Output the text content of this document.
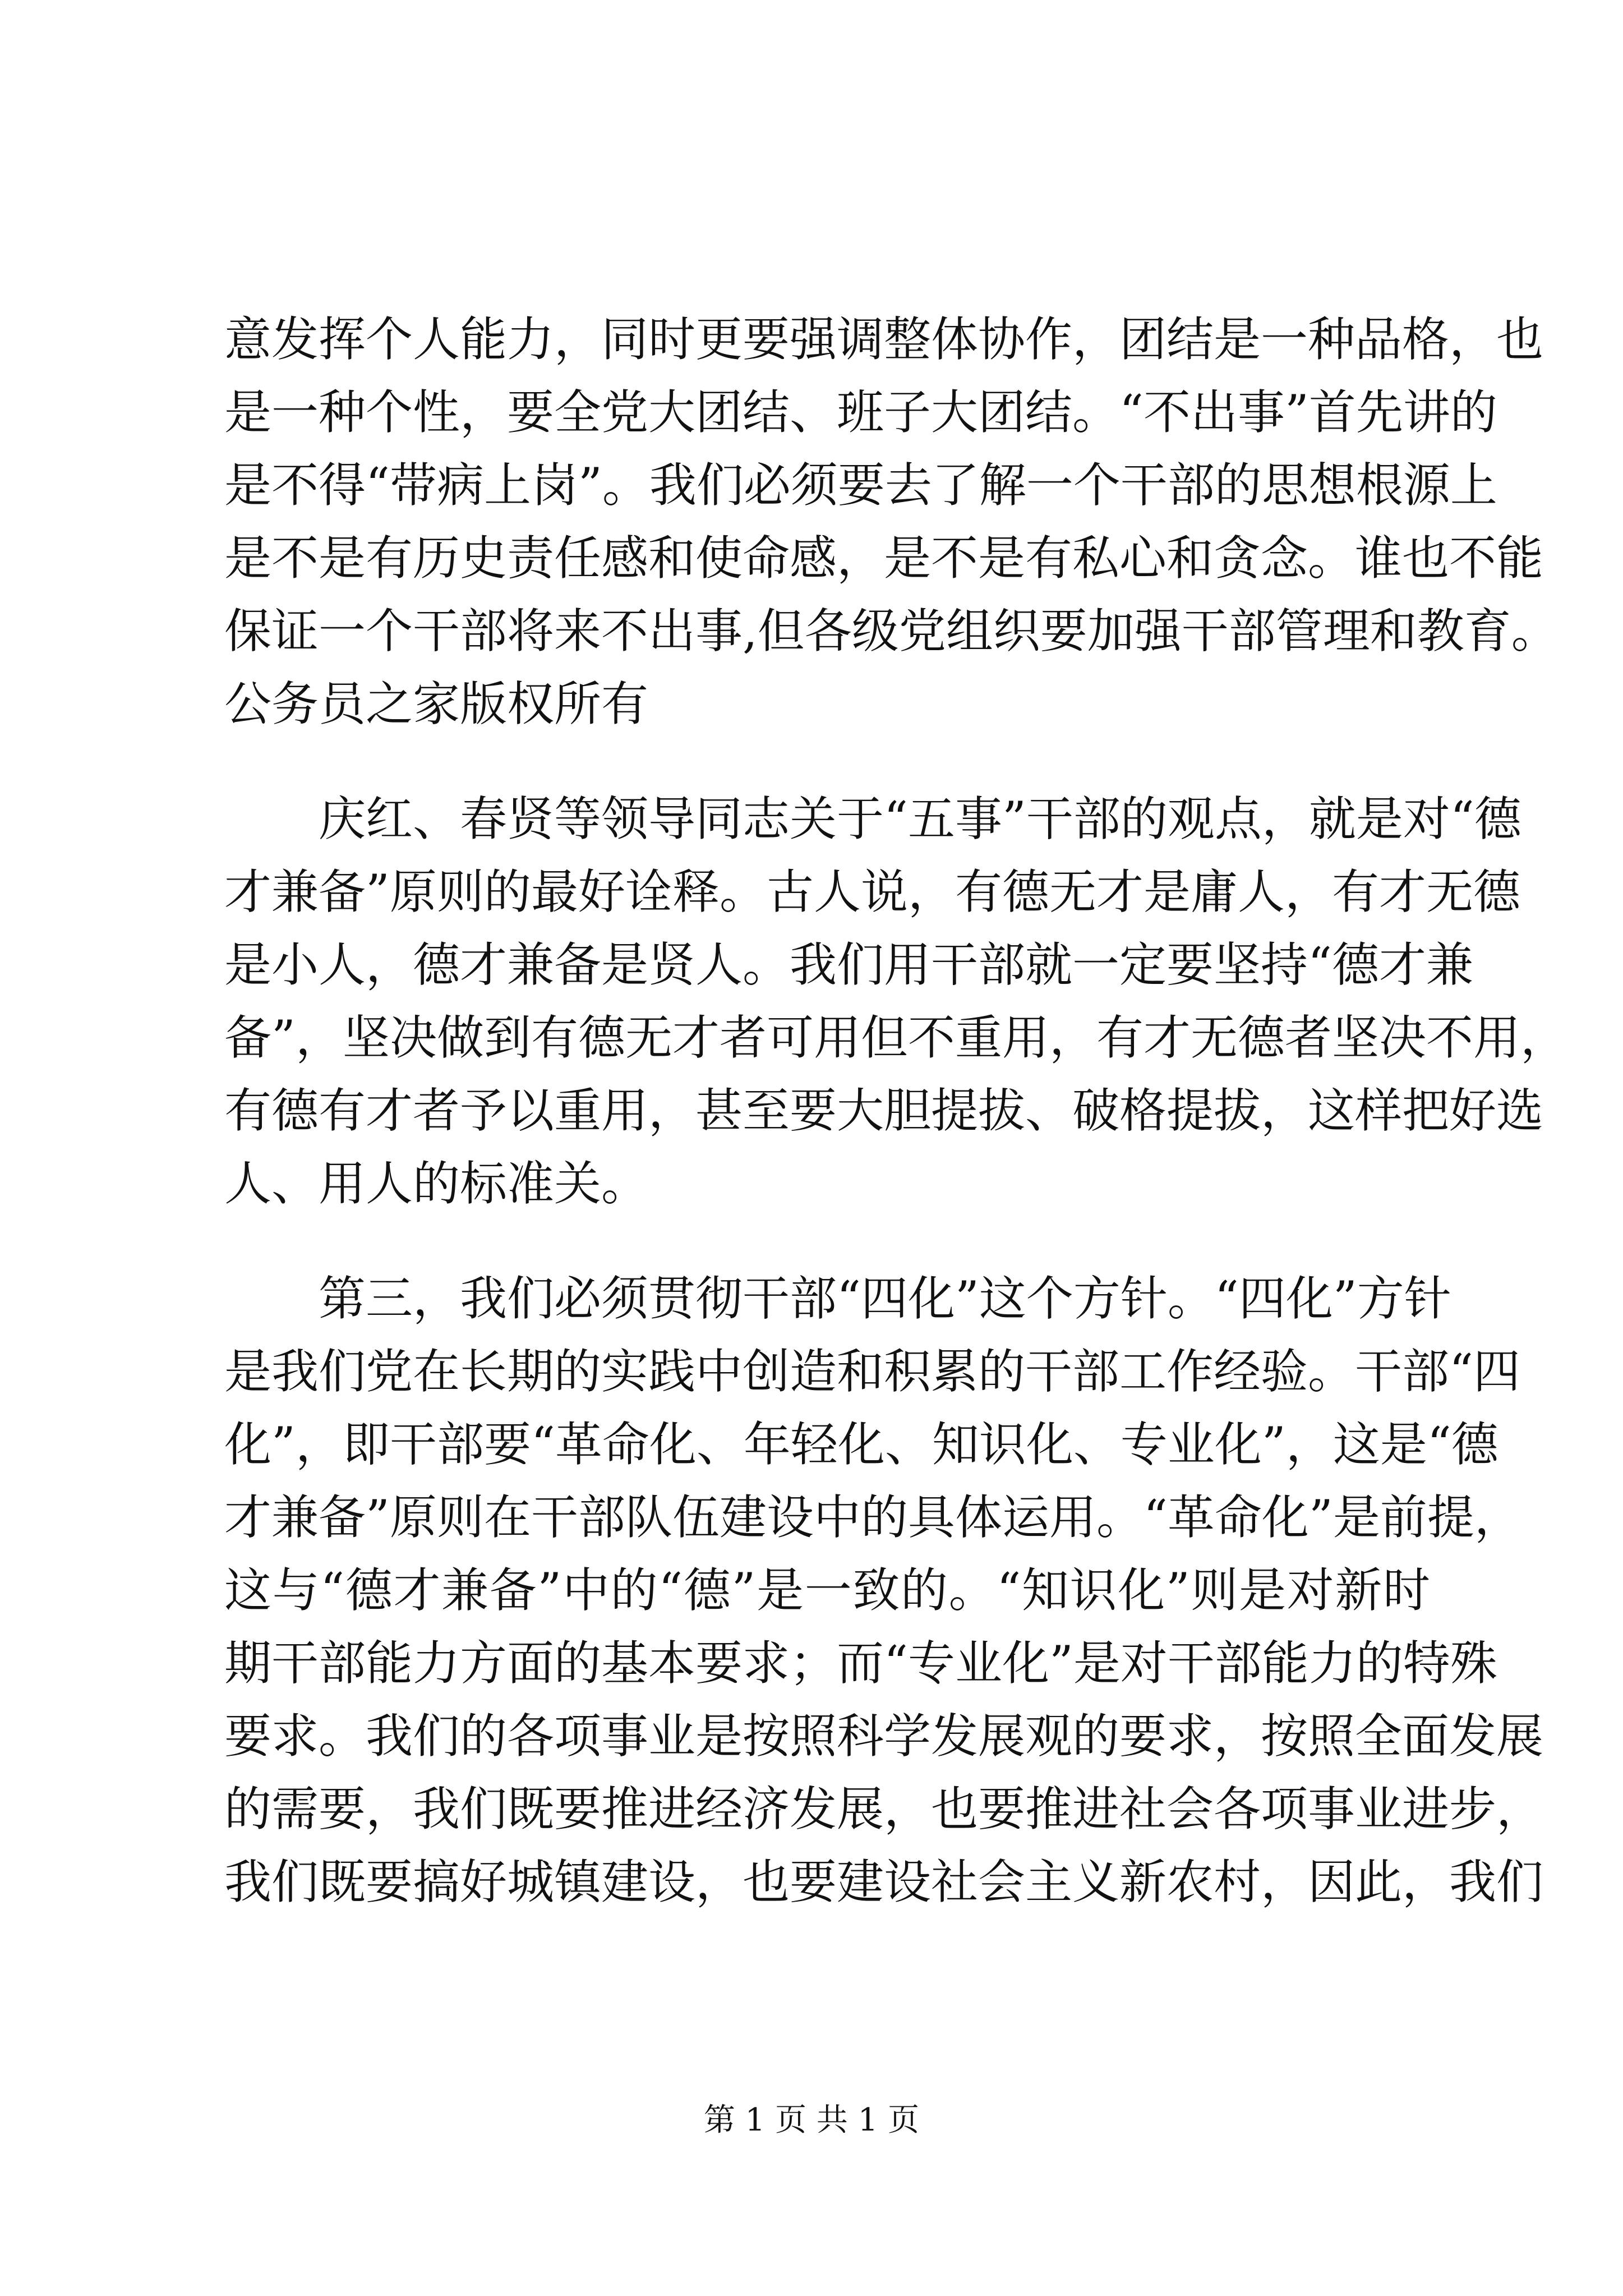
意发挥个人能力，同时更要强调整体协作，团结是一种品格，也
是一种个性，要全党大团结、班子大团结。“不出事”首先讲的
是不得“带病上岗”。我们必须要去了解一个干部的思想根源上
是不是有历史责任感和使命感，是不是有私心和贪念。谁也不能
保证一个干部将来不出事,但各级党组织要加强干部管理和教育。
公务员之家版权所有
庆红、春贤等领导同志关于“五事”干部的观点，就是对“德
才兼备”原则的最好诠释。古人说，有德无才是庸人，有才无德
是小人，德才兼备是贤人。我们用干部就一定要坚持“德才兼
备”，坚决做到有德无才者可用但不重用，有才无德者坚决不用，
有德有才者予以重用，甚至要大胆提拔、破格提拔，这样把好选
人、用人的标准关。
第三，我们必须贯彻干部“四化”这个方针。“四化”方针
是我们党在长期的实践中创造和积累的干部工作经验。干部“四
化”，即干部要“革命化、年轻化、知识化、专业化”，这是“德
才兼备”原则在干部队伍建设中的具体运用。“革命化”是前提，
这与“德才兼备”中的“德”是一致的。“知识化”则是对新时
期干部能力方面的基本要求；而“专业化”是对干部能力的特殊
要求。我们的各项事业是按照科学发展观的要求，按照全面发展
的需要，我们既要推进经济发展，也要推进社会各项事业进步，
我们既要搞好城镇建设，也要建设社会主义新农村，因此，我们
第 1 页 共 1 页
